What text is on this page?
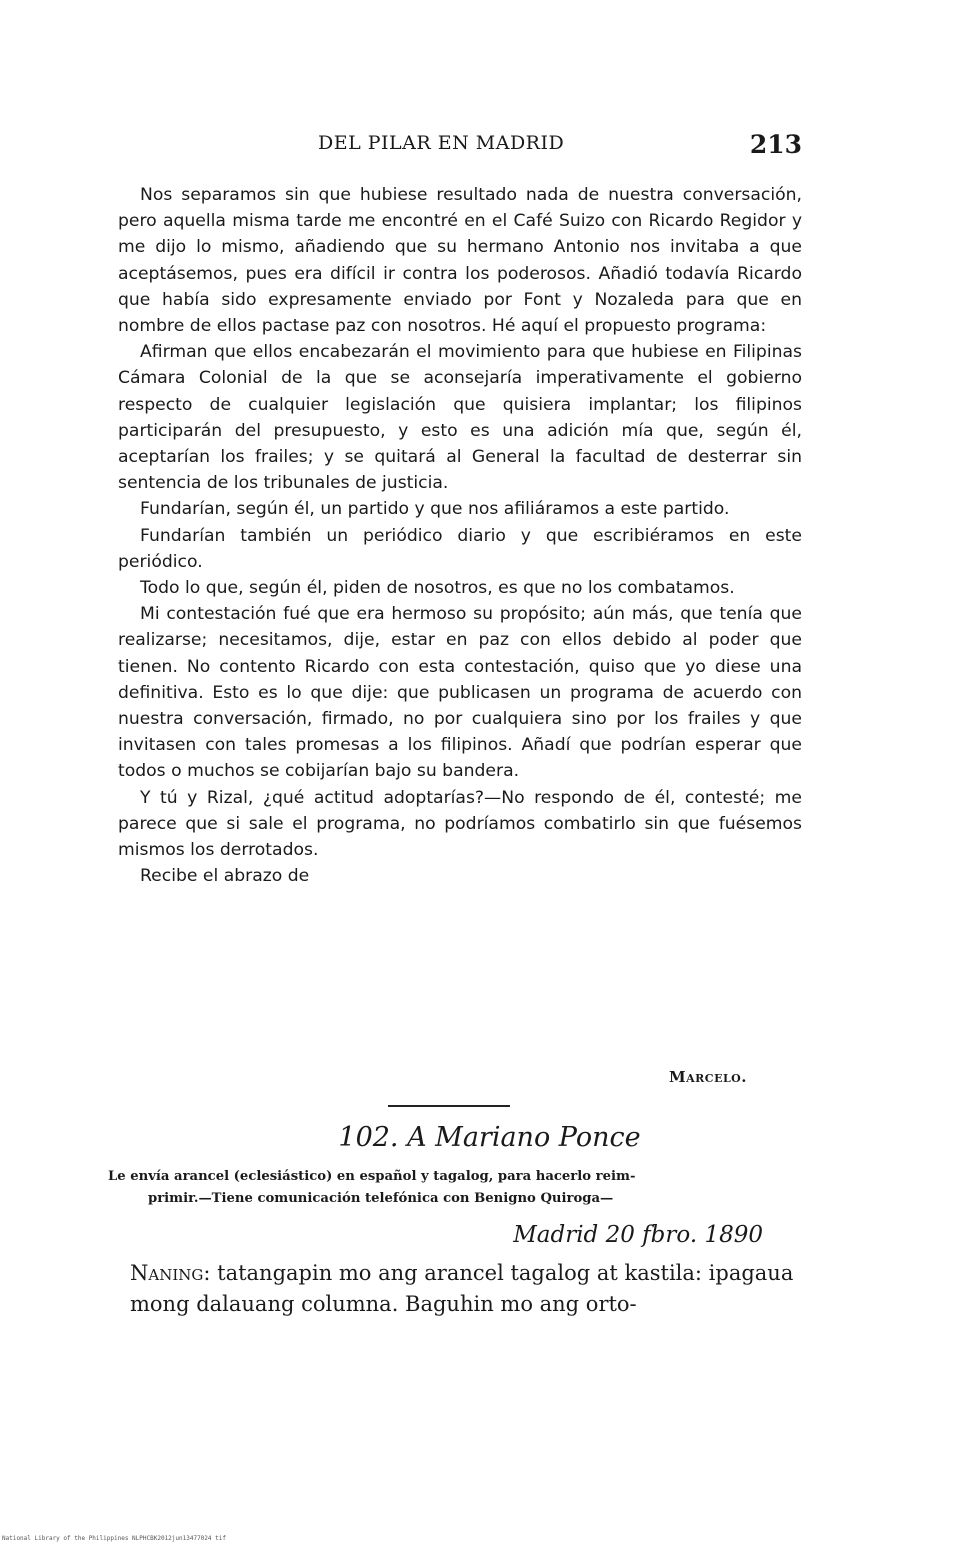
DEL PILAR EN MADRID	213

Nos separamos sin que hubiese resultado nada de nuestra conversación, pero aquella misma tarde me encontré en el Café Suizo con Ricardo Regidor y me dijo lo mismo, añadiendo que su hermano Antonio nos invitaba a que aceptásemos, pues era difícil ir contra los poderosos. Añadió todavía Ricardo que había sido expresamente enviado por Font y Nozaleda para que en nombre de ellos pactase paz con nosotros. Hé aquí el propuesto programa:

Afirman que ellos encabezarán el movimiento para que hubiese en Filipinas Cámara Colonial de la que se aconsejaría imperativamente el gobierno respecto de cualquier legislación que quisiera implantar; los filipinos participarán del presupuesto, y esto es una adición mía que, según él, aceptarían los frailes; y se quitará al General la facultad de desterrar sin sentencia de los tribunales de justicia.

Fundarían, según él, un partido y que nos afiliáramos a este partido.

Fundarían también un periódico diario y que escribiéramos en este periódico.

Todo lo que, según él, piden de nosotros, es que no los combatamos.

Mi contestación fué que era hermoso su propósito; aún más, que tenía que realizarse; necesitamos, dije, estar en paz con ellos debido al poder que tienen. No contento Ricardo con esta contestación, quiso que yo diese una definitiva. Esto es lo que dije: que publicasen un programa de acuerdo con nuestra conversación, firmado, no por cualquiera sino por los frailes y que invitasen con tales promesas a los filipinos. Añadí que podrían esperar que todos o muchos se cobijarían bajo su bandera.

Y tú y Rizal, ¿qué actitud adoptarías?—No respondo de él, contesté; me parece que si sale el programa, no podríamos combatirlo sin que fuésemos mismos los derrotados.

Recibe el abrazo de

Marcelo.
102. A Mariano Ponce
Le envía arancel (eclesiástico) en español y tagalog, para hacerlo reim-
primir.—Tiene comunicación telefónica con Benigno Quiroga—
Madrid 20 fbro. 1890

Naning: tatangapin mo ang arancel tagalog at kastila: ipagaua mong dalauang columna. Baguhin mo ang orto-

National Library of the Philippines NLPHCBK2012jun13477024 tif
